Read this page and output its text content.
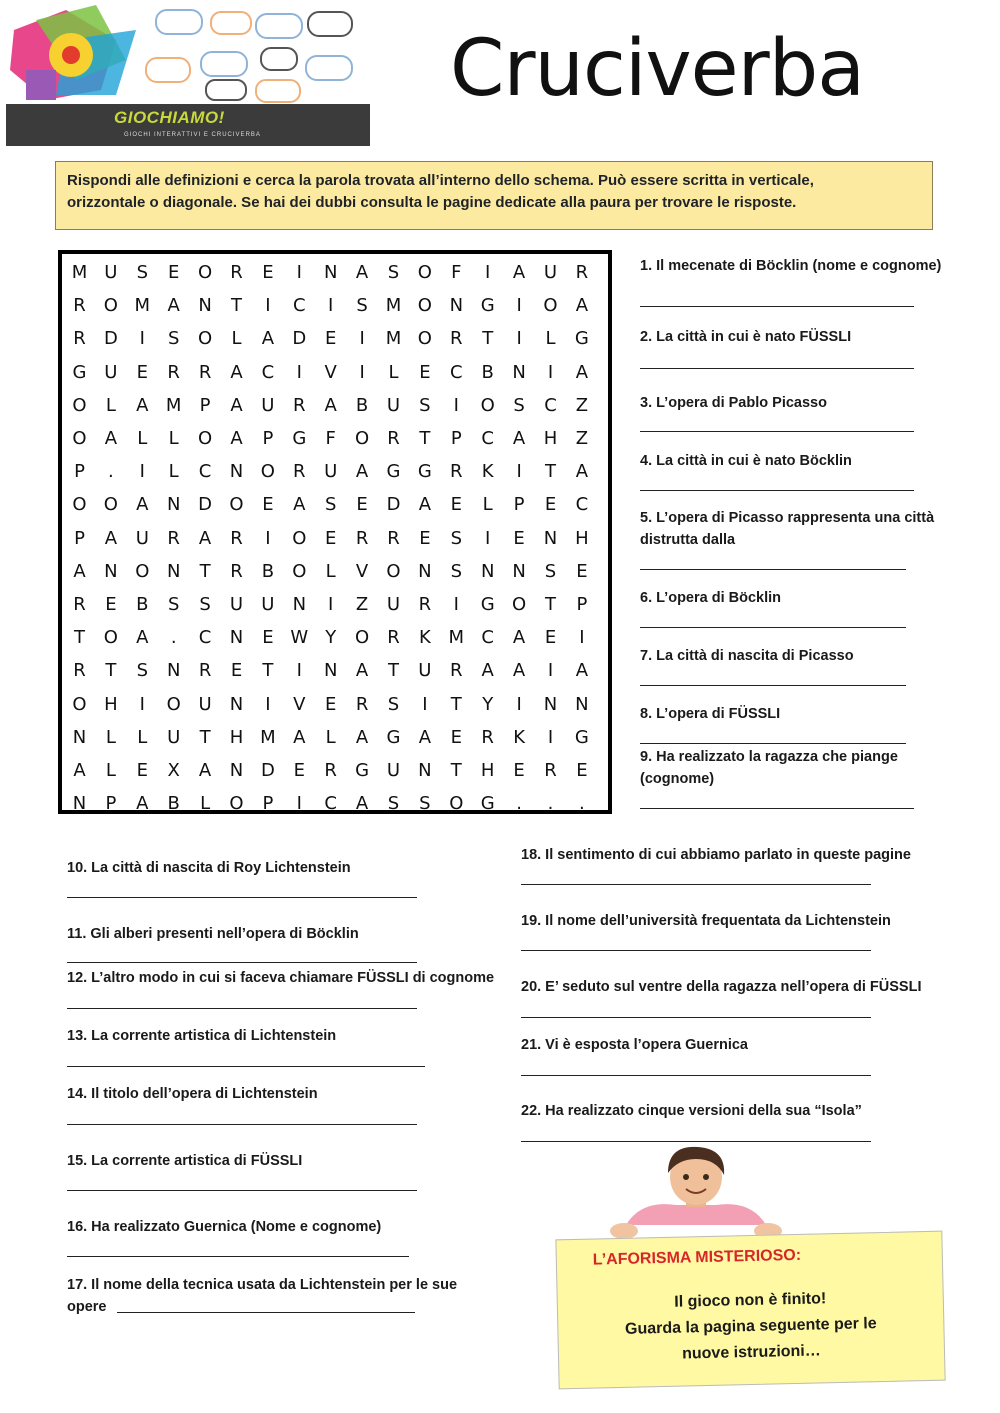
GIOCHIAMO!
GIOCHI INTERATTIVI E CRUCIVERBA
Cruciverba
Rispondi alle definizioni e cerca la parola trovata all’interno dello schema. Può essere scritta in verticale,
orizzontale o diagonale. Se hai dei dubbi consulta le pagine dedicate alla paura per trovare le risposte.
M U	S	E	O	R	E	I	N	A	S	O	F	I	A	U	R
R	O M A	N	T	I	C	I	S M O N G	I	O	A
R	D	I	S	O	L	A	D	E	I	M O	R	T	I	L	G
G U	E	R	R	A	C	I	V	I	L	E	C	B	N	I	A
O	L	A M	P	A	U	R	A	B	U	S	I	O	S	C	Z
O	A	L	L	O	A	P	G	F	O	R	T	P	C	A	H	Z
P	.	I	L	C	N O	R	U	A	G G	R	K	I	T	A
O O	A	N D O	E	A	S	E	D	A	E	L	P	E	C
P	A	U	R	A	R	I	O	E	R	R	E	S	I	E	N H
A	N O N	T	R	B	O	L	V	O N	S	N N	S	E
R	E	B	S	S	U	U	N	I	Z	U	R	I	G O	T	P
T	O	A	.	C	N	E W Y	O	R	K M C	A	E	I
R	T	S	N	R	E	T	I	N	A	T	U	R	A	A	I	A
O H	I	O U	N	I	V	E	R	S	I	T	Y	I	N N
N	L	L	U	T	H M A	L	A	G	A	E	R	K	I	G
A	L	E	X	A	N D	E	R	G U	N	T	H	E	R	E
N	P	A	B	L	O	P	I	C	A	S	S	O G	.	.	.
1. Il mecenate di Böcklin (nome e cognome)
2. La città in cui è nato FÜSSLI
3. L’opera di Pablo Picasso
4. La città in cui è nato Böcklin
5. L’opera di Picasso rappresenta una città
distrutta dalla
6. L’opera di Böcklin
7. La città di nascita di Picasso
8. L’opera di FÜSSLI
9. Ha realizzato la ragazza che piange
(cognome)
10. La città di nascita di Roy Lichtenstein
11. Gli alberi presenti nell’opera di Böcklin
12. L’altro modo in cui si faceva chiamare FÜSSLI di cognome
13. La corrente artistica di Lichtenstein
14. Il titolo dell’opera di Lichtenstein
15. La corrente artistica di FÜSSLI
16. Ha realizzato Guernica (Nome e cognome)
17. Il nome della tecnica usata da Lichtenstein per le sue
opere
18. Il sentimento di cui abbiamo parlato in queste pagine
19. Il nome dell’università frequentata da Lichtenstein
20. E’ seduto sul ventre della ragazza nell’opera di FÜSSLI
21. Vi è esposta l’opera Guernica
22. Ha realizzato cinque versioni della sua “Isola”
L’AFORISMA MISTERIOSO:
Il gioco non è finito!
Guarda la pagina seguente per le
nuove istruzioni…
